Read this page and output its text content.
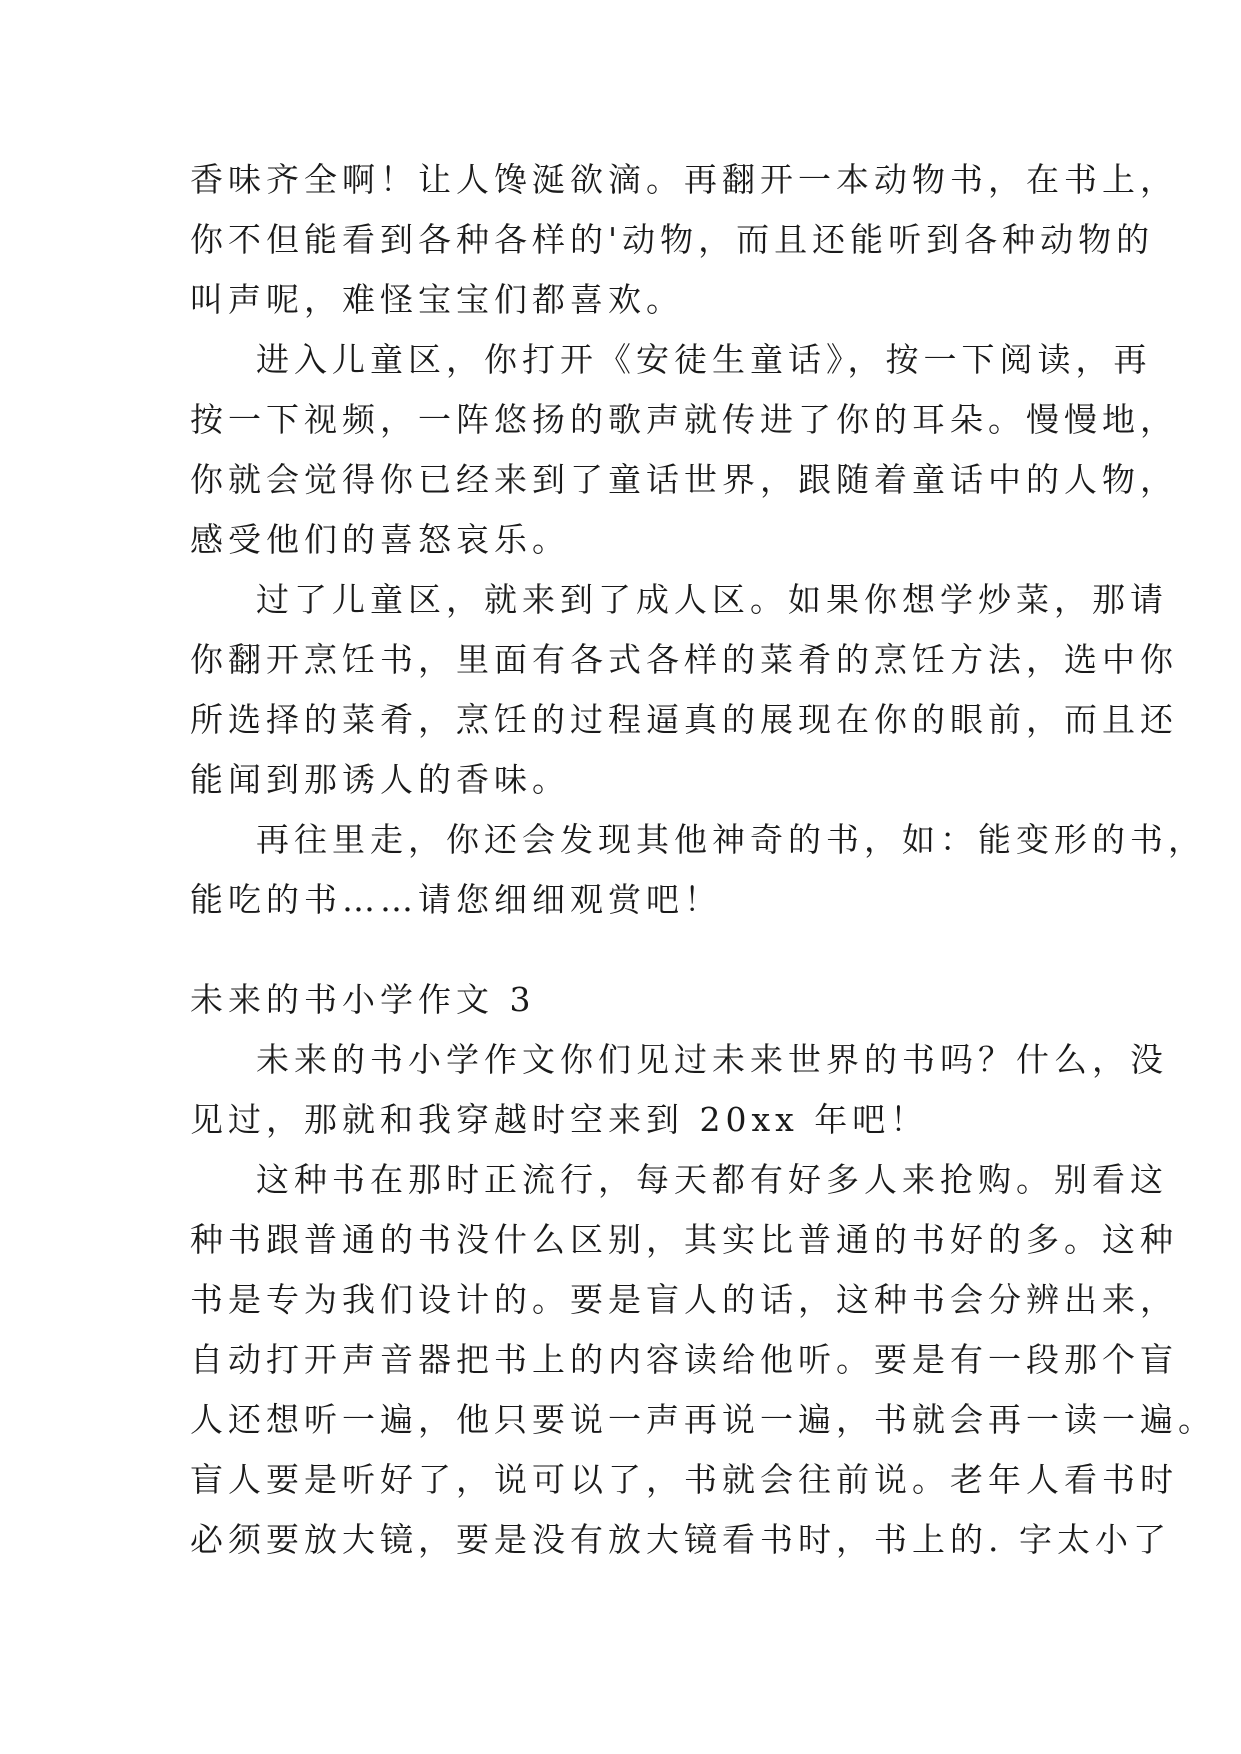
香味齐全啊！让人馋涎欲滴。再翻开一本动物书，在书上，
你不但能看到各种各样的'动物，而且还能听到各种动物的
叫声呢，难怪宝宝们都喜欢。
进入儿童区，你打开《安徒生童话》，按一下阅读，再
按一下视频，一阵悠扬的歌声就传进了你的耳朵。慢慢地，
你就会觉得你已经来到了童话世界，跟随着童话中的人物，
感受他们的喜怒哀乐。
过了儿童区，就来到了成人区。如果你想学炒菜，那请
你翻开烹饪书，里面有各式各样的菜肴的烹饪方法，选中你
所选择的菜肴，烹饪的过程逼真的展现在你的眼前，而且还
能闻到那诱人的香味。
再往里走，你还会发现其他神奇的书，如：能变形的书，
能吃的书……请您细细观赏吧！
未来的书小学作文 3
未来的书小学作文你们见过未来世界的书吗？什么，没
见过，那就和我穿越时空来到 20xx 年吧！
这种书在那时正流行，每天都有好多人来抢购。别看这
种书跟普通的书没什么区别，其实比普通的书好的多。这种
书是专为我们设计的。要是盲人的话，这种书会分辨出来，
自动打开声音器把书上的内容读给他听。要是有一段那个盲
人还想听一遍，他只要说一声再说一遍，书就会再一读一遍。
盲人要是听好了，说可以了，书就会往前说。老年人看书时
必须要放大镜，要是没有放大镜看书时，书上的. 字太小了
